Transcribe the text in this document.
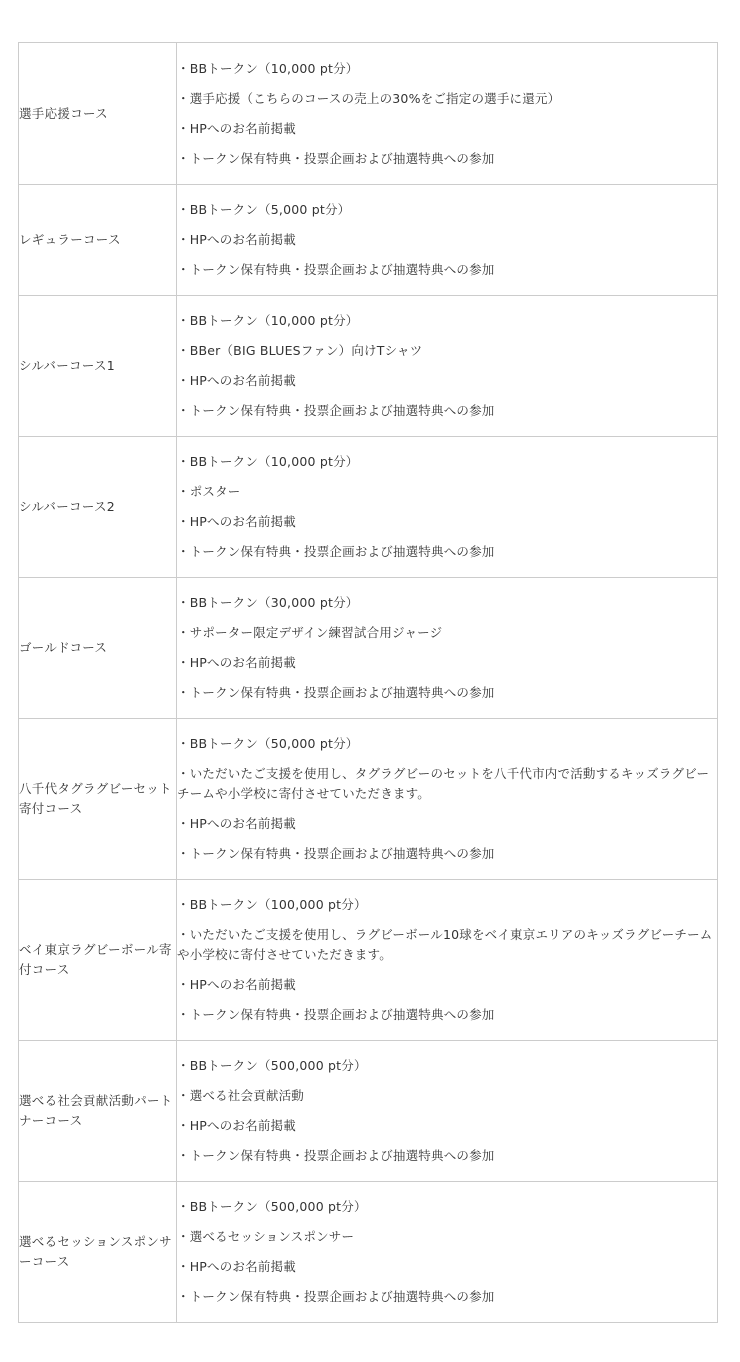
選手応援コース	・BBトークン（10,000 pt分）
・選手応援（こちらのコースの売上の30%をご指定の選手に還元）
・HPへのお名前掲載
・トークン保有特典・投票企画および抽選特典への参加

レギュラーコース	・BBトークン（5,000 pt分）
・HPへのお名前掲載
・トークン保有特典・投票企画および抽選特典への参加

シルバーコース1	・BBトークン（10,000 pt分）
・BBer（BIG BLUESファン）向けTシャツ
・HPへのお名前掲載
・トークン保有特典・投票企画および抽選特典への参加

シルバーコース2	・BBトークン（10,000 pt分）
・ポスター
・HPへのお名前掲載
・トークン保有特典・投票企画および抽選特典への参加

ゴールドコース	・BBトークン（30,000 pt分）
・サポーター限定デザイン練習試合用ジャージ
・HPへのお名前掲載
・トークン保有特典・投票企画および抽選特典への参加

八千代タグラグビーセット寄付コース	・BBトークン（50,000 pt分）
・いただいたご支援を使用し、タグラグビーのセットを八千代市内で活動するキッズラグビーチームや小学校に寄付させていただきます。
・HPへのお名前掲載
・トークン保有特典・投票企画および抽選特典への参加

ベイ東京ラグビーボール寄付コース	・BBトークン（100,000 pt分）
・いただいたご支援を使用し、ラグビーボール10球をベイ東京エリアのキッズラグビーチームや小学校に寄付させていただきます。
・HPへのお名前掲載
・トークン保有特典・投票企画および抽選特典への参加

選べる社会貢献活動パートナーコース	・BBトークン（500,000 pt分）
・選べる社会貢献活動
・HPへのお名前掲載
・トークン保有特典・投票企画および抽選特典への参加

選べるセッションスポンサーコース	・BBトークン（500,000 pt分）
・選べるセッションスポンサー
・HPへのお名前掲載
・トークン保有特典・投票企画および抽選特典への参加
